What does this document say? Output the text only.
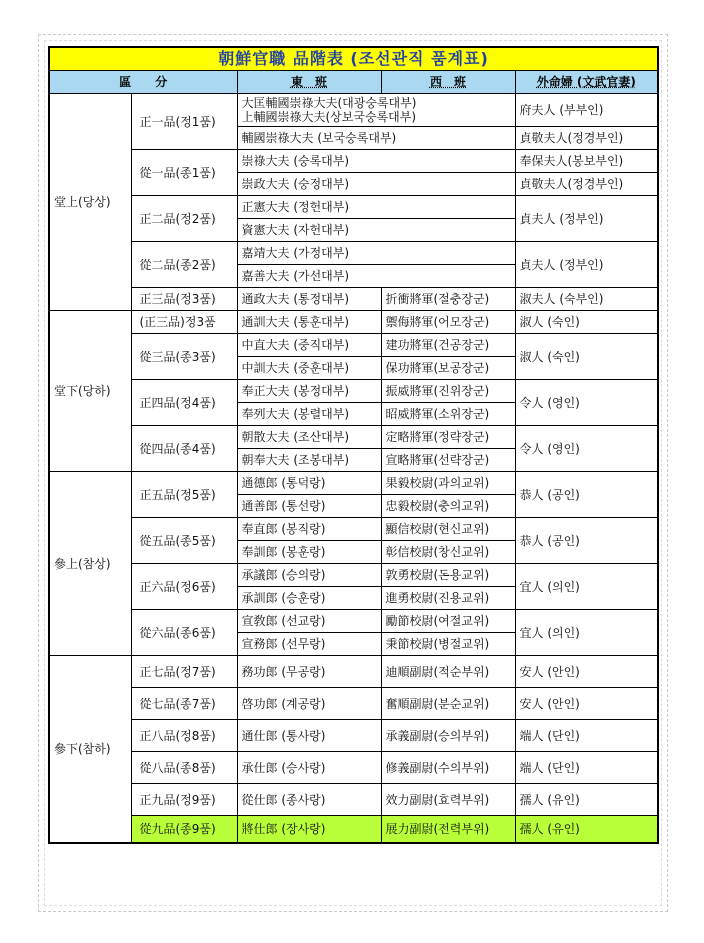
朝鮮官職 品階表 (조선관직 품계표)				
區　　分		東　班	西　班	外命婦 (文武官妻)
堂上(당상)	正一品(정1품)	大匡輔國崇祿大夫(대광숭록대부)
上輔國崇祿大夫(상보국숭록대부)		府夫人 (부부인)
		輔國崇祿大夫 (보국숭록대부)		貞敬夫人(정경부인)
	從一品(종1품)	崇祿大夫 (숭록대부)		奉保夫人(봉보부인)
		崇政大夫 (숭정대부)		貞敬夫人(정경부인)
	正二品(정2품)	正憲大夫 (정헌대부)		貞夫人 (정부인)
		資憲大夫 (자헌대부)		
	從二品(종2품)	嘉靖大夫 (가정대부)		貞夫人 (정부인)
		嘉善大夫 (가선대부)		
	正三品(정3품)	通政大夫 (통정대부)	折衝將軍(절충장군)	淑夫人 (숙부인)
堂下(당하)	(正三品)정3품	通訓大夫 (통훈대부)	禦侮將軍(어모장군)	淑人 (숙인)
	從三品(종3품)	中直大夫 (중직대부)	建功將軍(건공장군)	淑人 (숙인)
		中訓大夫 (중훈대부)	保功將軍(보공장군)	
	正四品(정4품)	奉正大夫 (봉정대부)	振威將軍(진위장군)	令人 (영인)
		奉列大夫 (봉렬대부)	昭威將軍(소위장군)	
	從四品(종4품)	朝散大夫 (조산대부)	定略將軍(정략장군)	令人 (영인)
		朝奉大夫 (조봉대부)	宣略將軍(선략장군)	
參上(참상)	正五品(정5품)	通德郎 (통덕랑)	果毅校尉(과의교위)	恭人 (공인)
		通善郎 (통선랑)	忠毅校尉(충의교위)	
	從五品(종5품)	奉直郎 (봉직랑)	顯信校尉(현신교위)	恭人 (공인)
		奉訓郎 (봉훈랑)	彰信校尉(창신교위)	
	正六品(정6품)	承議郎 (승의랑)	敦勇校尉(돈용교위)	宜人 (의인)
		承訓郎 (승훈랑)	進勇校尉(진용교위)	
	從六品(종6품)	宣敎郎 (선교랑)	勵節校尉(여절교위)	宜人 (의인)
		宣務郎 (선무랑)	秉節校尉(병절교위)	
參下(참하)	正七品(정7품)	務功郎 (무공랑)	迪順副尉(적순부위)	安人 (안인)
	從七品(종7품)	啓功郎 (계공랑)	奮順副尉(분순교위)	安人 (안인)
	正八品(정8품)	通仕郎 (통사랑)	承義副尉(승의부위)	端人 (단인)
	從八品(종8품)	承仕郎 (승사랑)	修義副尉(수의부위)	端人 (단인)
	正九品(정9품)	從仕郎 (종사랑)	效力副尉(효력부위)	孺人 (유인)
	從九品(종9품)	將仕郎 (장사랑)	展力副尉(전력부위)	孺人 (유인)
